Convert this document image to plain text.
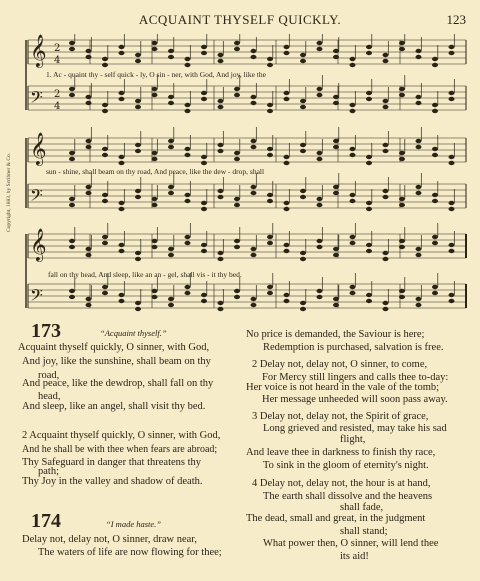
ACQUAINT THYSELF QUICKLY.	123
Copyright, 1883, by Scribner & Co.
𝄞 2
4
𝄢 2
4
𝄞
𝄢
𝄞
𝄢
1. Ac - quaint thy - self quick - ly, O sin - ner, with God, And joy, like the
sun - shine, shall beam on thy road, And peace, like the dew - drop, shall
fall on thy head, And sleep, like an an - gel, shall vis - it thy bed.
173	“Acquaint thyself.”
Acquaint thyself quickly, O sinner, with God,
And joy, like the sunshine, shall beam on thy
road,
And peace, like the dewdrop, shall fall on thy
head,
And sleep, like an angel, shall visit thy bed.
2 Acquaint thyself quickly, O sinner, with God,
And he shall be with thee when fears are abroad;
Thy Safeguard in danger that threatens thy
path;
Thy Joy in the valley and shadow of death.
174	“I made haste.”
Delay not, delay not, O sinner, draw near,
The waters of life are now flowing for thee;
No price is demanded, the Saviour is here;
Redemption is purchased, salvation is free.
2 Delay not, delay not, O sinner, to come,
For Mercy still lingers and calls thee to-day:
Her voice is not heard in the vale of the tomb;
Her message unheeded will soon pass away.
3 Delay not, delay not, the Spirit of grace,
Long grieved and resisted, may take his sad
flight,
And leave thee in darkness to finish thy race,
To sink in the gloom of eternity's night.
4 Delay not, delay not, the hour is at hand,
The earth shall dissolve and the heavens
shall fade,
The dead, small and great, in the judgment
shall stand;
What power then, O sinner, will lend thee
its aid!
